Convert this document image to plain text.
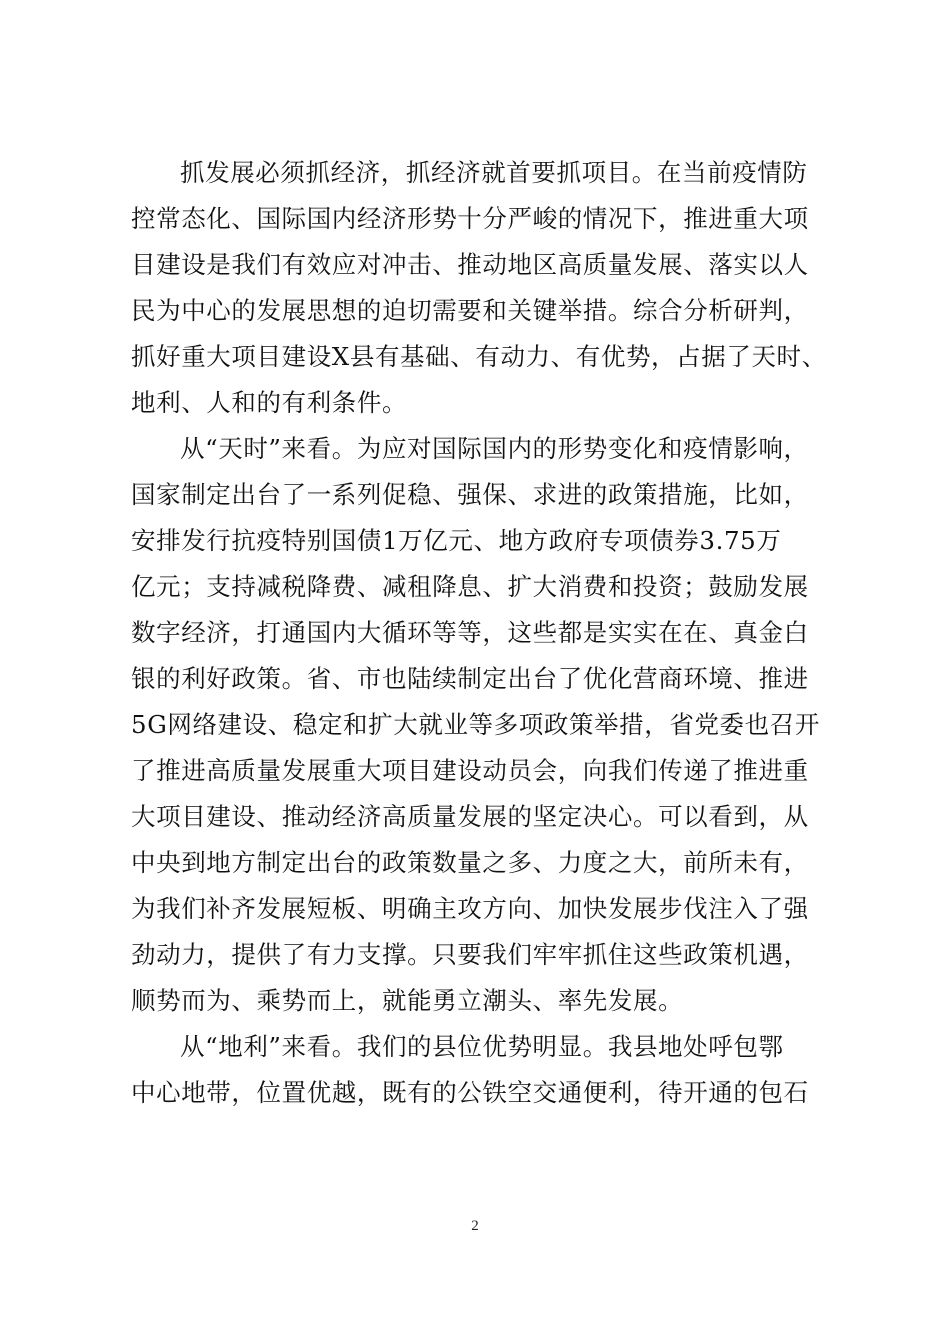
抓发展必须抓经济，抓经济就首要抓项目。在当前疫情防
控常态化、国际国内经济形势十分严峻的情况下，推进重大项
目建设是我们有效应对冲击、推动地区高质量发展、落实以人
民为中心的发展思想的迫切需要和关键举措。综合分析研判，
抓好重大项目建设X县有基础、有动力、有优势，占据了天时、
地利、人和的有利条件。
从“天时”来看。为应对国际国内的形势变化和疫情影响，
国家制定出台了一系列促稳、强保、求进的政策措施，比如，
安排发行抗疫特别国债1万亿元、地方政府专项债券3.75万
亿元；支持减税降费、减租降息、扩大消费和投资；鼓励发展
数字经济，打通国内大循环等等，这些都是实实在在、真金白
银的利好政策。省、市也陆续制定出台了优化营商环境、推进
5G网络建设、稳定和扩大就业等多项政策举措，省党委也召开
了推进高质量发展重大项目建设动员会，向我们传递了推进重
大项目建设、推动经济高质量发展的坚定决心。可以看到，从
中央到地方制定出台的政策数量之多、力度之大，前所未有，
为我们补齐发展短板、明确主攻方向、加快发展步伐注入了强
劲动力，提供了有力支撑。只要我们牢牢抓住这些政策机遇，
顺势而为、乘势而上，就能勇立潮头、率先发展。
从“地利”来看。我们的县位优势明显。我县地处呼包鄂
中心地带，位置优越，既有的公铁空交通便利，待开通的包石
2
